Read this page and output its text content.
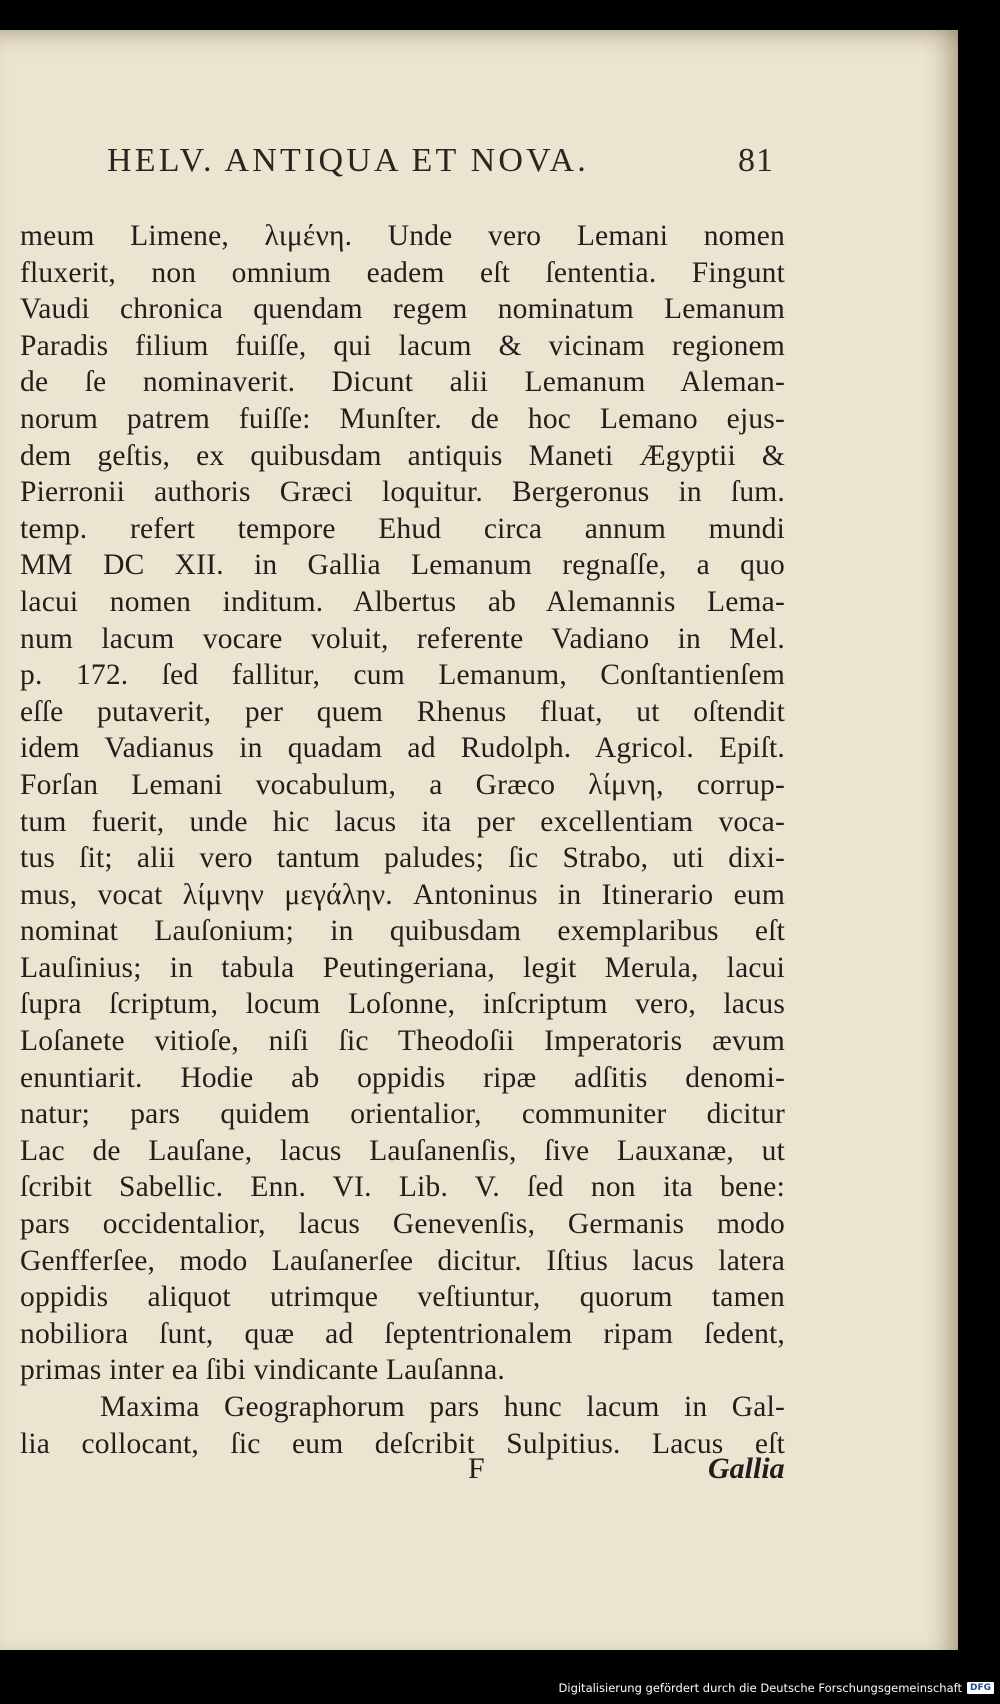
HELV. ANTIQUA ET NOVA.	81
meum Limene, λιμένη. Unde vero Lemani nomen
fluxerit, non omnium eadem eſt ſententia. Fingunt
Vaudi chronica quendam regem nominatum Lemanum
Paradis filium fuiſſe, qui lacum & vicinam regionem
de ſe nominaverit. Dicunt alii Lemanum Aleman-
norum patrem fuiſſe: Munſter. de hoc Lemano ejus-
dem geſtis, ex quibusdam antiquis Maneti Ægyptii &
Pierronii authoris Græci loquitur. Bergeronus in ſum.
temp. refert tempore Ehud circa annum mundi
MM DC XII. in Gallia Lemanum regnaſſe, a quo
lacui nomen inditum. Albertus ab Alemannis Lema-
num lacum vocare voluit, referente Vadiano in Mel.
p. 172. ſed fallitur, cum Lemanum, Conſtantienſem
eſſe putaverit, per quem Rhenus fluat, ut oſtendit
idem Vadianus in quadam ad Rudolph. Agricol. Epiſt.
Forſan Lemani vocabulum, a Græco λίμνη, corrup-
tum fuerit, unde hic lacus ita per excellentiam voca-
tus ſit; alii vero tantum paludes; ſic Strabo, uti dixi-
mus, vocat λίμνην μεγάλην. Antoninus in Itinerario eum
nominat Lauſonium; in quibusdam exemplaribus eſt
Lauſinius; in tabula Peutingeriana, legit Merula, lacui
ſupra ſcriptum, locum Loſonne, inſcriptum vero, lacus
Loſanete vitioſe, niſi ſic Theodoſii Imperatoris ævum
enuntiarit. Hodie ab oppidis ripæ adſitis denomi-
natur; pars quidem orientalior, communiter dicitur
Lac de Lauſane, lacus Lauſanenſis, ſive Lauxanæ, ut
ſcribit Sabellic. Enn. VI. Lib. V. ſed non ita bene:
pars occidentalior, lacus Genevenſis, Germanis modo
Genfferſee, modo Lauſanerſee dicitur. Iſtius lacus latera
oppidis aliquot utrimque veſtiuntur, quorum tamen
nobiliora ſunt, quæ ad ſeptentrionalem ripam ſedent,
primas inter ea ſibi vindicante Lauſanna.
Maxima Geographorum pars hunc lacum in Gal-
lia collocant, ſic eum deſcribit Sulpitius. Lacus eſt
F	Gallia
Digitalisierung gefördert durch die Deutsche Forschungsgemeinschaft DFG
